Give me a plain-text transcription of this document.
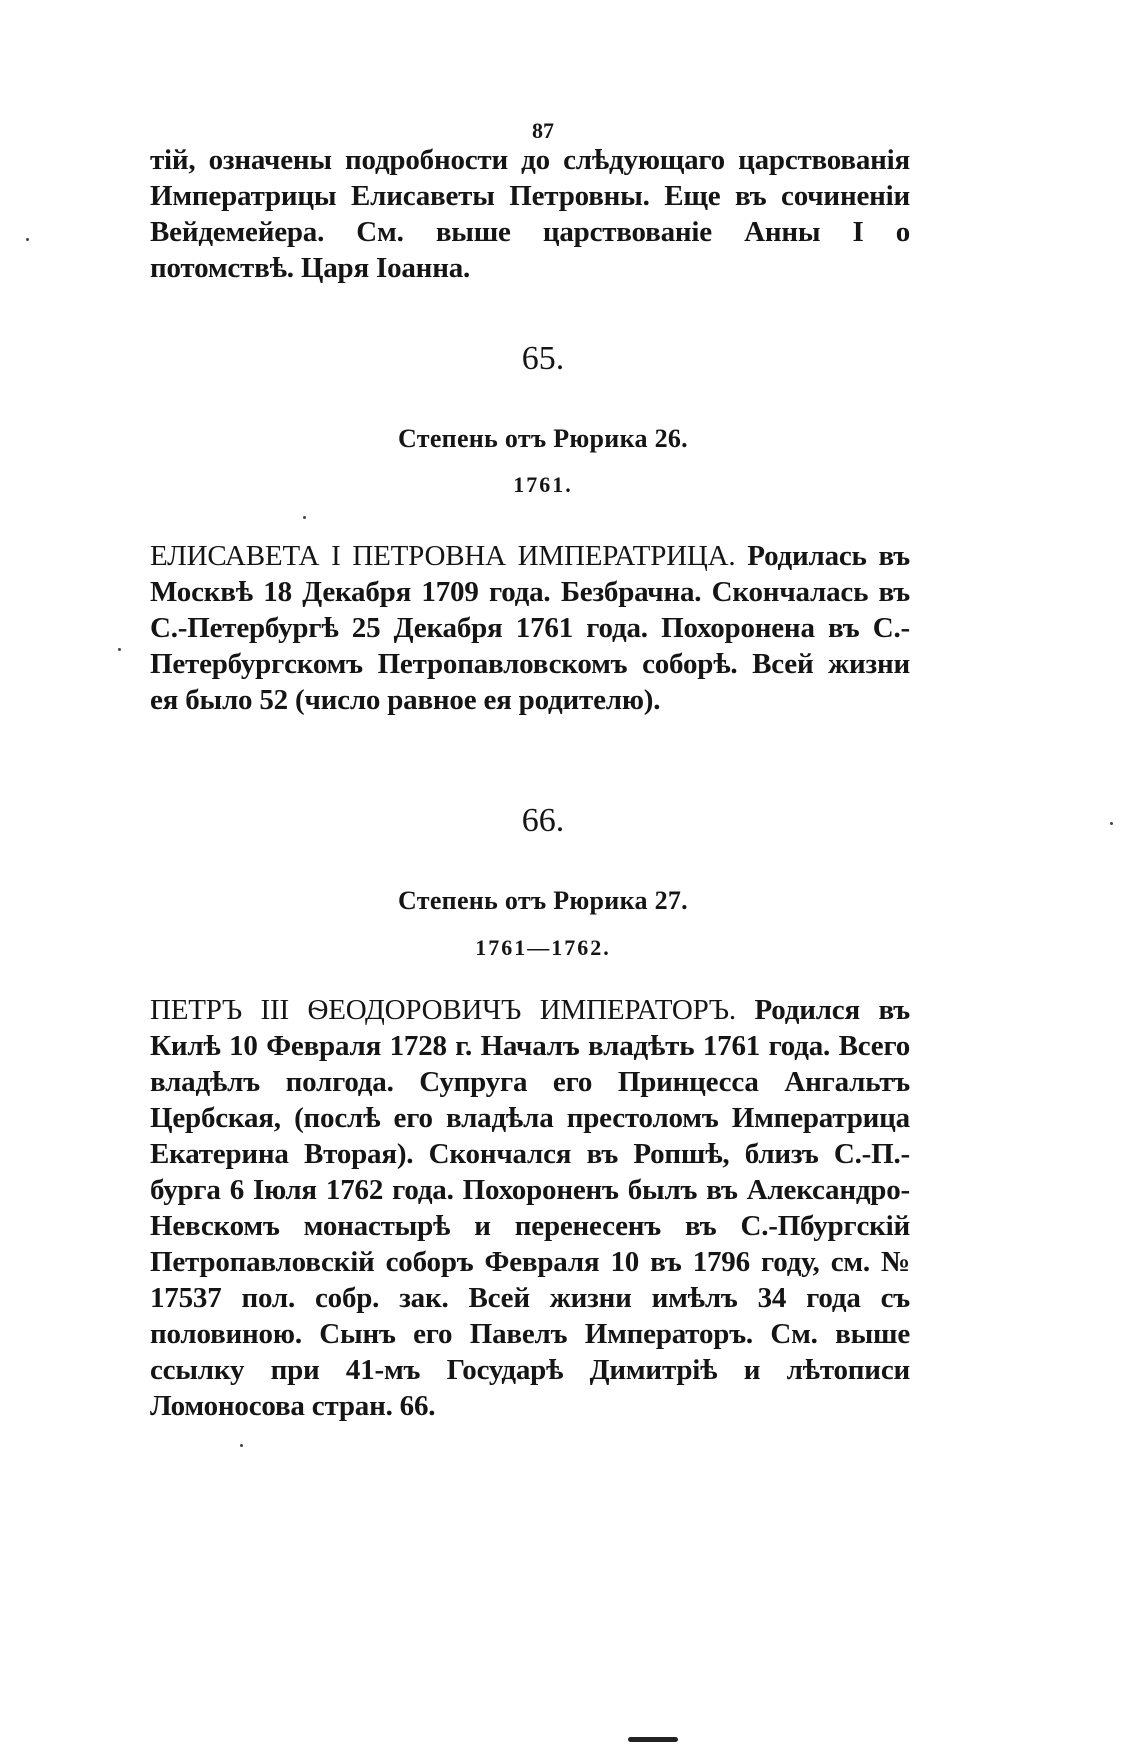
87

тій, означены подробности до слѣдующаго царствованія Императрицы Елисаветы Петровны. Еще въ сочиненіи Вейдемейера. См. выше царствованіе Анны I о потомствѣ. Царя Іоанна.

65.
Степень отъ Рюрика 26.
1761.

ЕЛИСАВЕТА I ПЕТРОВНА ИМПЕРАТРИЦА. Родилась въ Москвѣ 18 Декабря 1709 года. Безбрачна. Скончалась въ С.-Петербургѣ 25 Декабря 1761 года. Похоронена въ С.-Петербургскомъ Петропавловскомъ соборѣ. Всей жизни ея было 52 (число равное ея родителю).

66.
Степень отъ Рюрика 27.
1761—1762.

ПЕТРЪ III ѲЕОДОРОВИЧЪ ИМПЕРАТОРЪ. Родился въ Килѣ 10 Февраля 1728 г. Началъ владѣть 1761 года. Всего владѣлъ полгода. Супруга его Принцесса Ангальтъ Цербская, (послѣ его владѣла престоломъ Императрица Екатерина Вторая). Скончался въ Ропшѣ, близъ С.-П.-бурга 6 Іюля 1762 года. Похороненъ былъ въ Александро-Невскомъ монастырѣ и перенесенъ въ С.-Пбургскій Петропавловскій соборъ Февраля 10 въ 1796 году, см. № 17537 пол. собр. зак. Всей жизни имѣлъ 34 года съ половиною. Сынъ его Павелъ Императоръ. См. выше ссылку при 41-мъ Государѣ Димитріѣ и лѣтописи Ломоносова стран. 66.
